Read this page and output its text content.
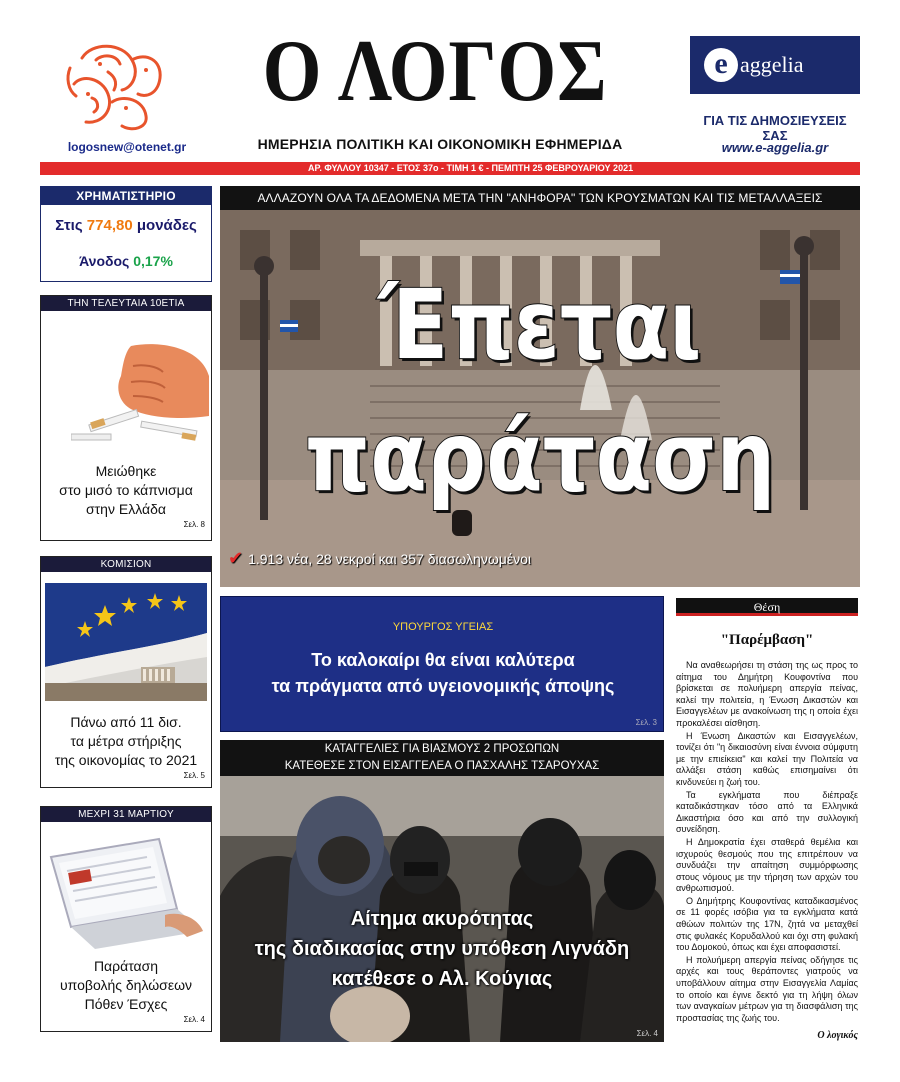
logosnew@otenet.gr
Ο ΛΟΓΟΣ
ΗΜΕΡΗΣΙΑ ΠΟΛΙΤΙΚΗ ΚΑΙ ΟΙΚΟΝΟΜΙΚΗ ΕΦΗΜΕΡΙΔΑ
e aggelia
ΓΙΑ ΤΙΣ ΔΗΜΟΣΙΕΥΣΕΙΣ ΣΑΣ
www.e-aggelia.gr
ΑΡ. ΦΥΛΛΟΥ 10347 - ΕΤΟΣ 37ο - ΤΙΜΗ 1 € - ΠΕΜΠΤΗ 25 ΦΕΒΡΟΥΑΡΙΟΥ 2021
ΧΡΗΜΑΤΙΣΤΗΡΙΟ
Στις 774,80 μονάδες
Άνοδος 0,17%
ΤΗΝ ΤΕΛΕΥΤΑΙΑ 10ΕΤΙΑ
Μειώθηκε
στο μισό το κάπνισμα
στην Ελλάδα
Σελ. 8
ΚΟΜΙΣΙΟΝ
Πάνω από 11 δισ.
τα μέτρα στήριξης
της οικονομίας το 2021
Σελ. 5
ΜΕΧΡΙ 31 ΜΑΡΤΙΟΥ
Παράταση
υποβολής δηλώσεων
Πόθεν Έσχες
Σελ. 4
ΑΛΛΑΖΟΥΝ ΟΛΑ ΤΑ ΔΕΔΟΜΕΝΑ ΜΕΤΑ ΤΗΝ "ΑΝΗΦΟΡΑ" ΤΩΝ ΚΡΟΥΣΜΑΤΩΝ ΚΑΙ ΤΙΣ ΜΕΤΑΛΛΑΞΕΙΣ
Έπεται
παράταση
✔ 1.913 νέα, 28 νεκροί και 357 διασωληνωμένοι
ΥΠΟΥΡΓΟΣ ΥΓΕΙΑΣ
Το καλοκαίρι θα είναι καλύτερα
τα πράγματα από υγειονομικής άποψης
Σελ. 3
ΚΑΤΑΓΓΕΛΙΕΣ ΓΙΑ ΒΙΑΣΜΟΥΣ 2 ΠΡΟΣΩΠΩΝ
ΚΑΤΕΘΕΣΕ ΣΤΟΝ ΕΙΣΑΓΓΕΛΕΑ Ο ΠΑΣΧΑΛΗΣ ΤΣΑΡΟΥΧΑΣ
Αίτημα ακυρότητας
της διαδικασίας στην υπόθεση Λιγνάδη
κατέθεσε ο Αλ. Κούγιας
Σελ. 4
Θέση
"Παρέμβαση"

Να αναθεωρήσει τη στάση της ως προς το αίτημα του Δημήτρη Κουφοντίνα που βρίσκεται σε πολυήμερη απεργία πείνας, καλεί την πολιτεία, η Ένωση Δικαστών και Εισαγγελέων με ανακοίνωση της η οποία έχει προκαλέσει αίσθηση.

Η Ένωση Δικαστών και Εισαγγελέων, τονίζει ότι "η δικαιοσύνη είναι έννοια σύμφυτη με την επιείκεια" και καλεί την Πολιτεία να αλλάξει στάση καθώς επισημαίνει ότι κινδυνεύει η ζωή του.

Τα εγκλήματα που διέπραξε καταδικάστηκαν τόσο από τα Ελληνικά Δικαστήρια όσο και από την συλλογική συνείδηση.

Η Δημοκρατία έχει σταθερά θεμέλια και ισχυρούς θεσμούς που της επιτρέπουν να συνδυάζει την απαίτηση συμμόρφωσης στους νόμους με την τήρηση των αρχών του ανθρωπισμού.

Ο Δημήτρης Κουφοντίνας καταδικασμένος σε 11 φορές ισόβια για τα εγκλήματα κατά αθώων πολιτών της 17Ν, ζητά να μεταχθεί στις φυλακές Κορυδαλλού και όχι στη φυλακή του Δομοκού, όπως και έχει αποφασιστεί.

Η πολυήμερη απεργία πείνας οδήγησε τις αρχές και τους θεράποντες γιατρούς να υποβάλλουν αίτημα στην Εισαγγελία Λαμίας το οποίο και έγινε δεκτό για τη λήψη όλων των αναγκαίων μέτρων για τη διασφάλιση της προστασίας της ζωής του.

Ο λογικός
